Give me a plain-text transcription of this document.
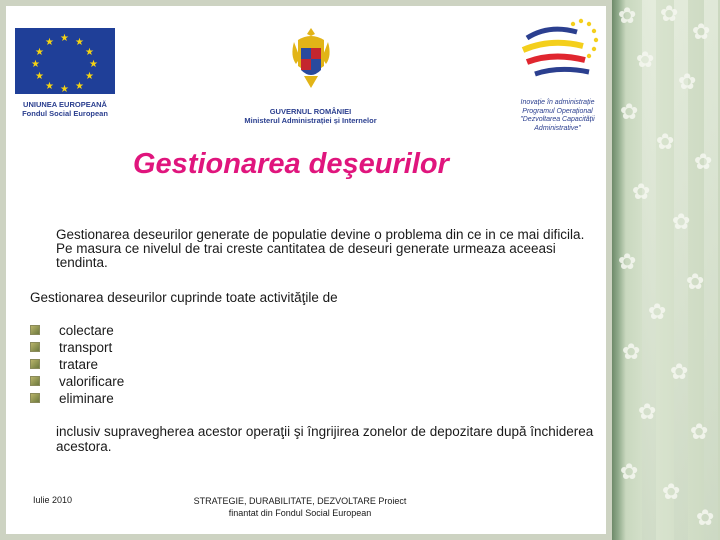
★ ★
★
★
★
★
★
★
★
★
★
★
UNIUNEA EUROPEANĂ
Fondul Social European	GUVERNUL ROMÂNIEI
Ministerul Administrației și Internelor
Inovație în administrație
Programul Operațional
"Dezvoltarea Capacității
Administrative"
Gestionarea deşeurilor
Gestionarea deseurilor generate de populatie devine o problema din ce in ce mai dificila. Pe masura ce nivelul de trai creste cantitatea de deseuri generate urmeaza aceeasi tendinta.
Gestionarea deseurilor cuprinde toate activităţile de
colectare
transport
tratare
valorificare
eliminare
inclusiv supravegherea acestor operaţii şi îngrijirea zonelor de depozitare după închiderea acestora.
Iulie 2010	STRATEGIE, DURABILITATE, DEZVOLTARE Proiect
finantat din Fondul Social European
✿ ✿
✿
✿
✿
✿
✿
✿
✿
✿
✿
✿
✿
✿
✿
✿
✿
✿
✿
✿
